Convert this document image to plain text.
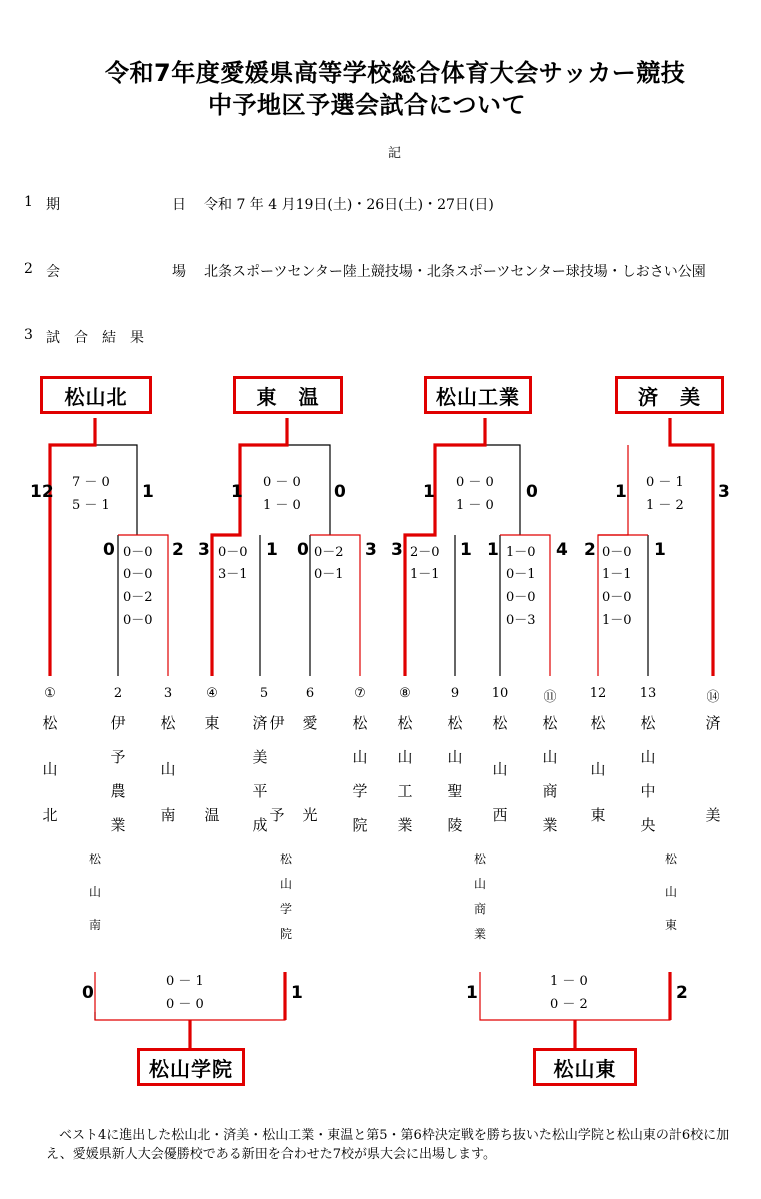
令和7年度愛媛県高等学校総合体育大会サッカー競技
中予地区予選会試合について
記
1 期　　　　　　　　日 令和 7 年 4 月19日(土)・26日(土)・27日(日)
2 会　　　　　　　　場 北条スポーツセンター陸上競技場・北条スポーツセンター球技場・しおさい公園
3 試　合　結　果
松山北	東　温	松山工業	済　美
松山学院	松山東
12	1	1	0	1	0	1	3
0	2 3	1 0	3 3	1 1	4 2	1
0	1	1	2
7 － 0
5 － 1
0 － 0
1 － 0
0 － 0
1 － 0
0 － 1
1 － 2
0－0
0－0
0－2
0－0
0－0
3－1
0－2
0－1
2－0
1－1
1－0
0－1
0－0
0－3
0－0
1－1
0－0
1－0
0 － 1
0 － 0
1 － 0
0 － 2
①	2	3	④	5	6	⑦	⑧	9	10	⑪	12	13	⑭
松
山
北
伊
予
農
業
松
山
南
東
温
済
美
平
成
伊
予
愛
光
松
山
学
院
松
山
工
業
松
山
聖
陵
松
山
西
松
山
商
業
松
山
東
松
山
中
央
済
美
松
山
南
松
山
学
院
松
山
商
業
松
山
東
ベスト4に進出した松山北・済美・松山工業・東温と第5・第6枠決定戦を勝ち抜いた松山学院と松山東の計6校に加え、愛媛県新人大会優勝校である新田を合わせた7校が県大会に出場します。
